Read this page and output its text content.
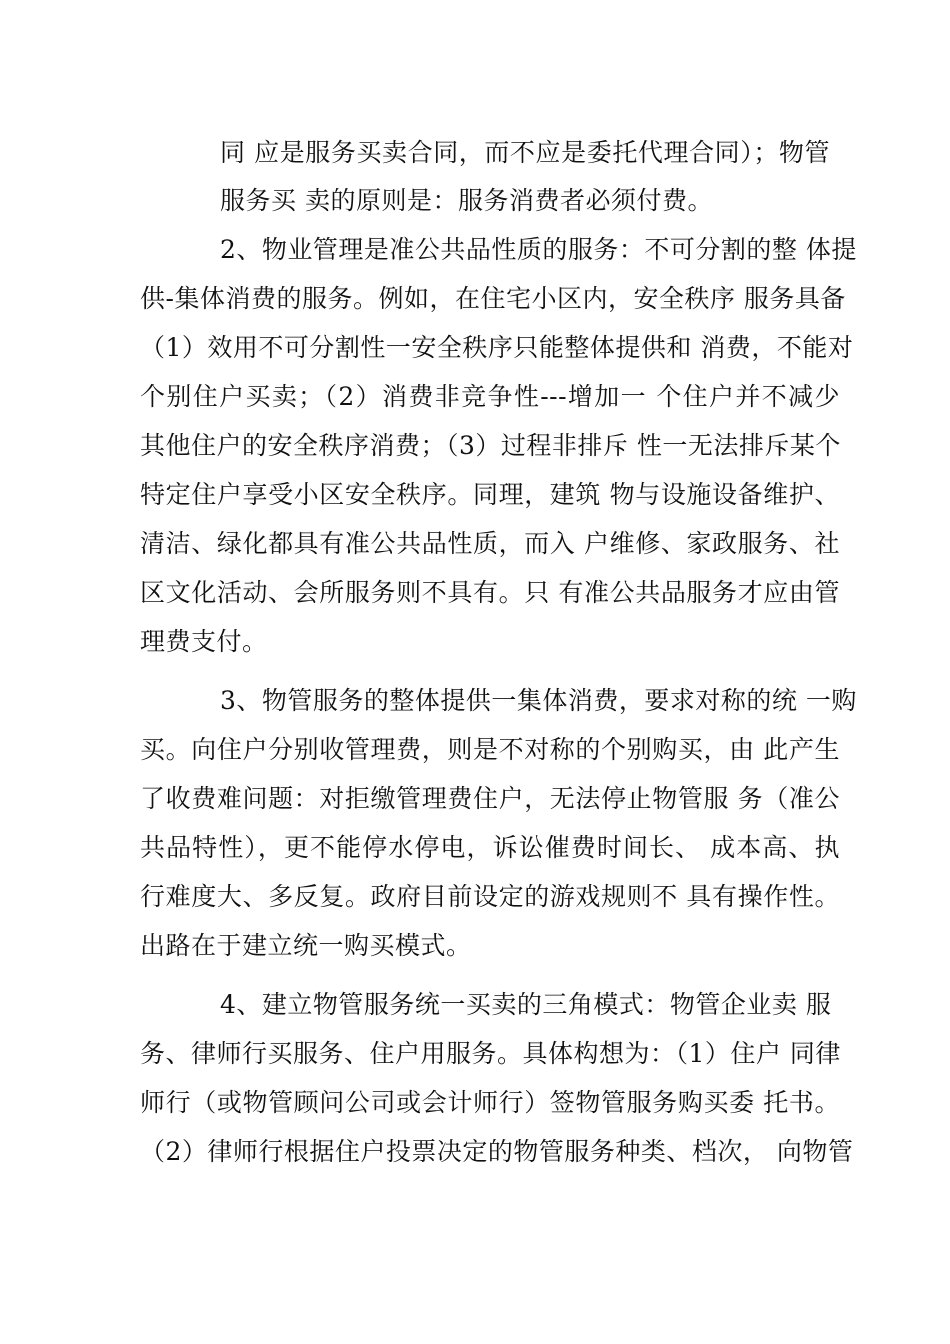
同 应是服务买卖合同，而不应是委托代理合同）；物管
服务买 卖的原则是：服务消费者必须付费。
2、物业管理是准公共品性质的服务：不可分割的整 体提
供-集体消费的服务。例如，在住宅小区内，安全秩序 服务具备
（1）效用不可分割性一安全秩序只能整体提供和 消费，不能对
个别住户买卖；（2）消费非竞争性---增加一 个住户并不减少
其他住户的安全秩序消费；（3）过程非排斥 性一无法排斥某个
特定住户享受小区安全秩序。同理，建筑 物与设施设备维护、
清洁、绿化都具有准公共品性质，而入 户维修、家政服务、社
区文化活动、会所服务则不具有。只 有准公共品服务才应由管
理费支付。
3、物管服务的整体提供一集体消费，要求对称的统 一购
买。向住户分别收管理费，则是不对称的个别购买，由 此产生
了收费难问题：对拒缴管理费住户，无法停止物管服 务（准公
共品特性），更不能停水停电，诉讼催费时间长、 成本高、执
行难度大、多反复。政府目前设定的游戏规则不 具有操作性。
出路在于建立统一购买模式。
4、建立物管服务统一买卖的三角模式：物管企业卖 服
务、律师行买服务、住户用服务。具体构想为：（1）住户 同律
师行（或物管顾问公司或会计师行）签物管服务购买委 托书。
（2）律师行根据住户投票决定的物管服务种类、档次， 向物管
